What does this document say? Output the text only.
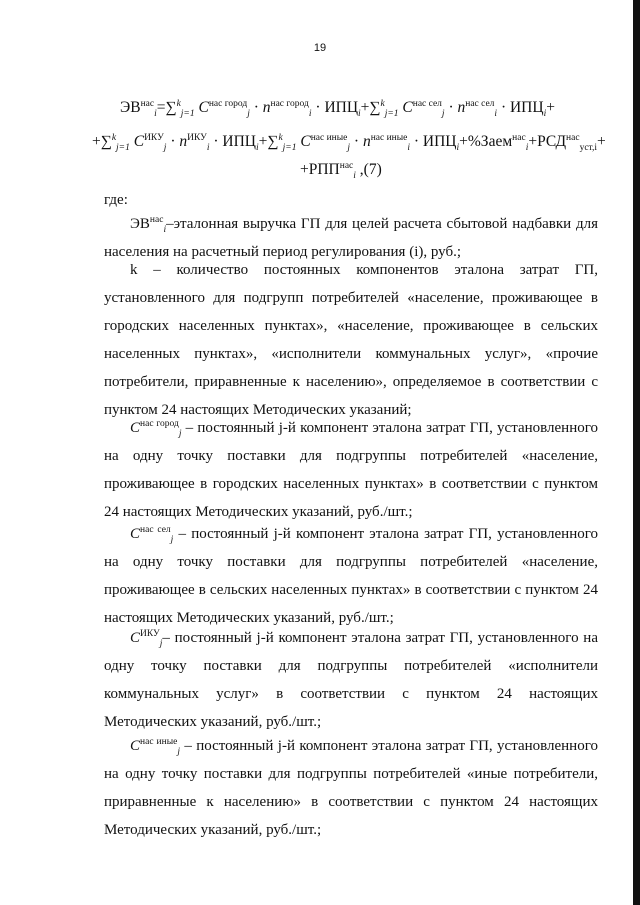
19
$ЭВ^{нас}_i=\sum^k_{j=1}$ $C^{нас город}_j \cdot n^{нас город}_i \cdot ИПЦ_i+\sum^k_{j=1}$ $C^{нас сел}_j \cdot n^{нас сел}_i \cdot ИПЦ_i+$
+∑$^k_{j=1}$ $C^{ИКУ}_j \cdot n^{ИКУ}_i \cdot ИПЦ_i+\sum^k_{j=1}$ $C^{нас иные}_j \cdot n^{нас иные}_i$ · $ИПЦ_i+\%Заем^{нас}_i+РСД^{нас}_{уст,i}+$
$+РПП^{нас}_i$ ,(7)
где:
$ЭВ^{нас}_i$–эталонная выручка ГП для целей расчета сбытовой надбавки для населения на расчетный период регулирования (i), руб.;
k – количество постоянных компонентов эталона затрат ГП, установленного для подгрупп потребителей «население, проживающее в городских населенных пунктах», «население, проживающее в сельских населенных пунктах», «исполнители коммунальных услуг», «прочие потребители, приравненные к населению», определяемое в соответствии с пунктом 24 настоящих Методических указаний;
$C^{нас город}_j$ – постоянный j-й компонент эталона затрат ГП, установленного на одну точку поставки для подгруппы потребителей «население, проживающее в городских населенных пунктах» в соответствии с пунктом 24 настоящих Методических указаний, руб./шт.;
$C^{нас сел}_j$ – постоянный j-й компонент эталона затрат ГП, установленного на одну точку поставки для подгруппы потребителей «население, проживающее в сельских населенных пунктах» в соответствии с пунктом 24 настоящих Методических указаний, руб./шт.;
$C^{ИКУ}_j-$ постоянный j-й компонент эталона затрат ГП, установленного на одну точку поставки для подгруппы потребителей «исполнители коммунальных услуг» в соответствии с пунктом 24 настоящих Методических указаний, руб./шт.;
$C^{нас иные}_j$ – постоянный j-й компонент эталона затрат ГП, установленного на одну точку поставки для подгруппы потребителей «иные потребители, приравненные к населению» в соответствии с пунктом 24 настоящих Методических указаний, руб./шт.;
